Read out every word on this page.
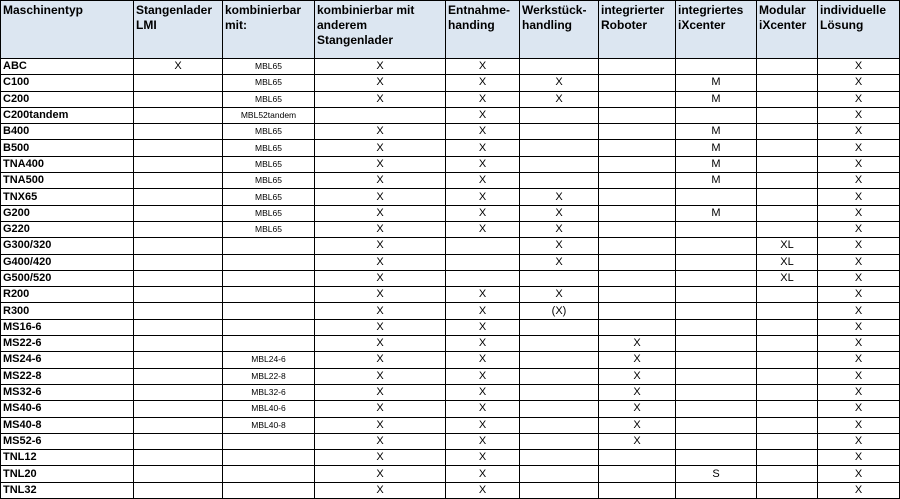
Maschinentyp	Stangenlader LMI	kombinierbar mit:	kombinierbar mit anderem Stangenlader	Entnahme-handing	Werkstück-handling	integrierter Roboter	integriertes iXcenter	Modular iXcenter	individuelle Lösung
ABC	X	MBL65	X	X					X
C100		MBL65	X	X	X		M		X
C200		MBL65	X	X	X		M		X
C200tandem		MBL52tandem		X					X
B400		MBL65	X	X			M		X
B500		MBL65	X	X			M		X
TNA400		MBL65	X	X			M		X
TNA500		MBL65	X	X			M		X
TNX65		MBL65	X	X	X				X
G200		MBL65	X	X	X		M		X
G220		MBL65	X	X	X				X
G300/320			X		X			XL	X
G400/420			X		X			XL	X
G500/520			X					XL	X
R200			X	X	X				X
R300			X	X	(X)				X
MS16-6			X	X					X
MS22-6			X	X		X			X
MS24-6		MBL24-6	X	X		X			X
MS22-8		MBL22-8	X	X		X			X
MS32-6		MBL32-6	X	X		X			X
MS40-6		MBL40-6	X	X		X			X
MS40-8		MBL40-8	X	X		X			X
MS52-6			X	X		X			X
TNL12			X	X					X
TNL20			X	X			S		X
TNL32			X	X					X
